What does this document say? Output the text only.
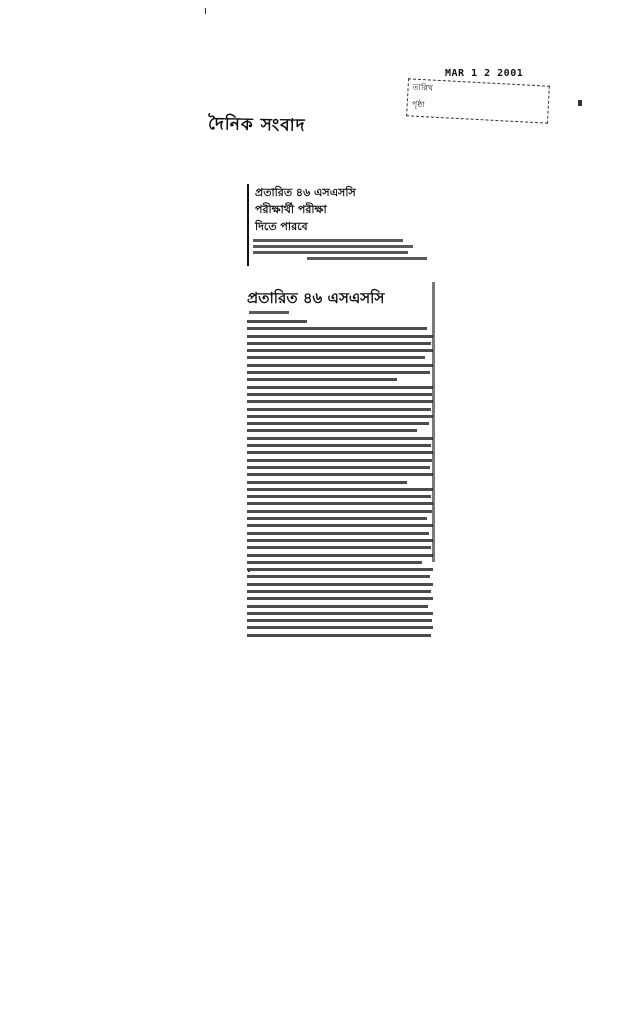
MAR 1 2 2001
তারিখ
পৃষ্ঠা
দৈনিক সংবাদ
প্রতারিত ৪৬ এসএসসি
পরীক্ষার্থী পরীক্ষা
দিতে পারবে
প্রতারিত ৪৬ এসএসসি
